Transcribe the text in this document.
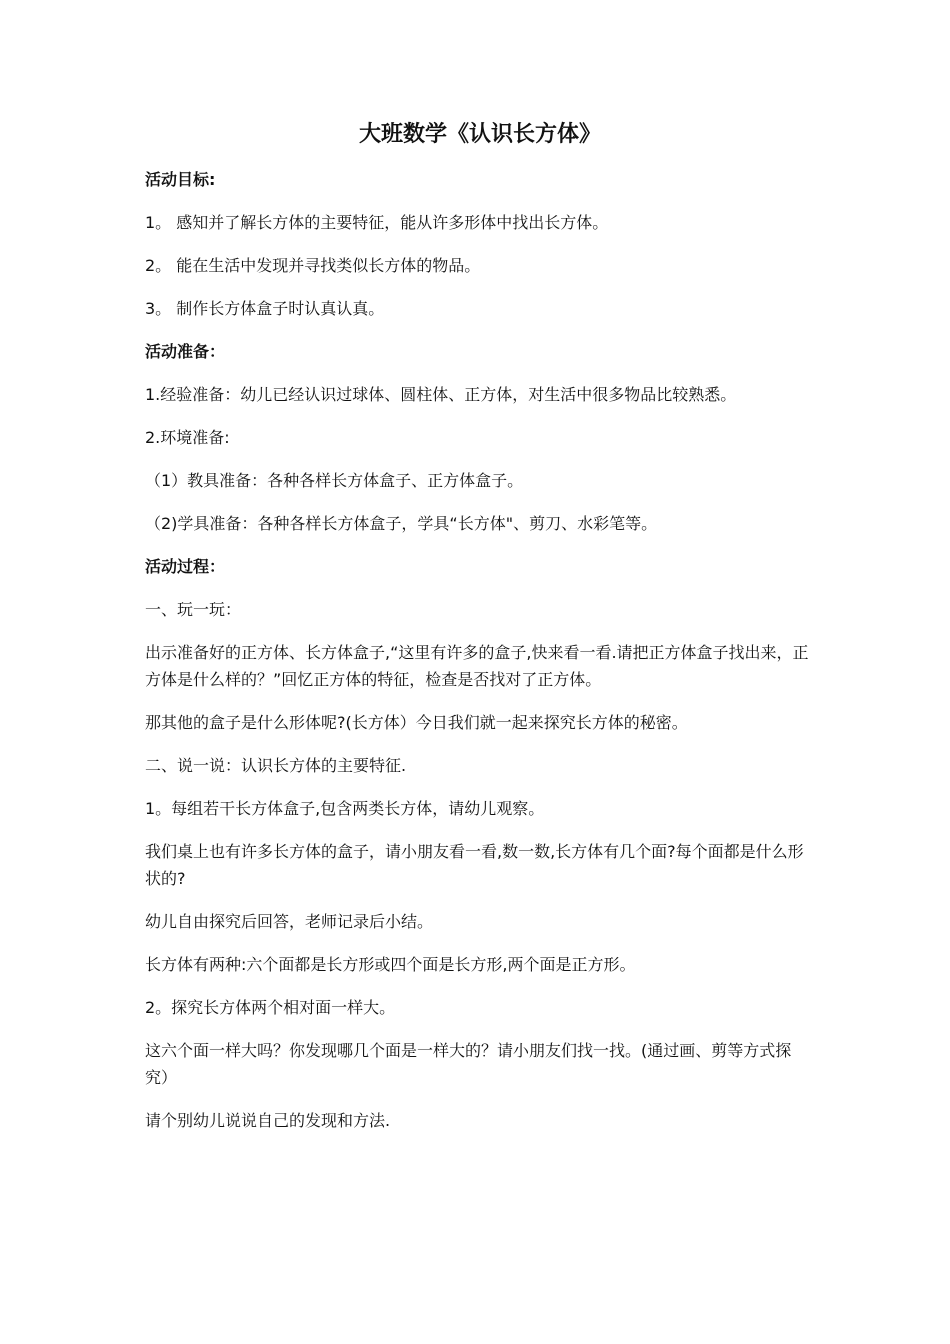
大班数学《认识长方体》
活动目标:
1。 感知并了解长方体的主要特征，能从许多形体中找出长方体。
2。 能在生活中发现并寻找类似长方体的物品。
3。 制作长方体盒子时认真认真。
活动准备：
1.经验准备：幼儿已经认识过球体、圆柱体、正方体，对生活中很多物品比较熟悉。
2.环境准备:
（1）教具准备：各种各样长方体盒子、正方体盒子。
（2)学具准备：各种各样长方体盒子，学具“长方体"、剪刀、水彩笔等。
活动过程：
一、玩一玩：
出示准备好的正方体、长方体盒子,“这里有许多的盒子,快来看一看.请把正方体盒子找出来，正方体是什么样的？”回忆正方体的特征，检查是否找对了正方体。
那其他的盒子是什么形体呢?(长方体）今日我们就一起来探究长方体的秘密。
二、说一说：认识长方体的主要特征.
1。每组若干长方体盒子,包含两类长方体，请幼儿观察。
我们桌上也有许多长方体的盒子，请小朋友看一看,数一数,长方体有几个面?每个面都是什么形状的?
幼儿自由探究后回答，老师记录后小结。
长方体有两种:六个面都是长方形或四个面是长方形,两个面是正方形。
2。探究长方体两个相对面一样大。
这六个面一样大吗？你发现哪几个面是一样大的？请小朋友们找一找。(通过画、剪等方式探究）
请个别幼儿说说自己的发现和方法.
